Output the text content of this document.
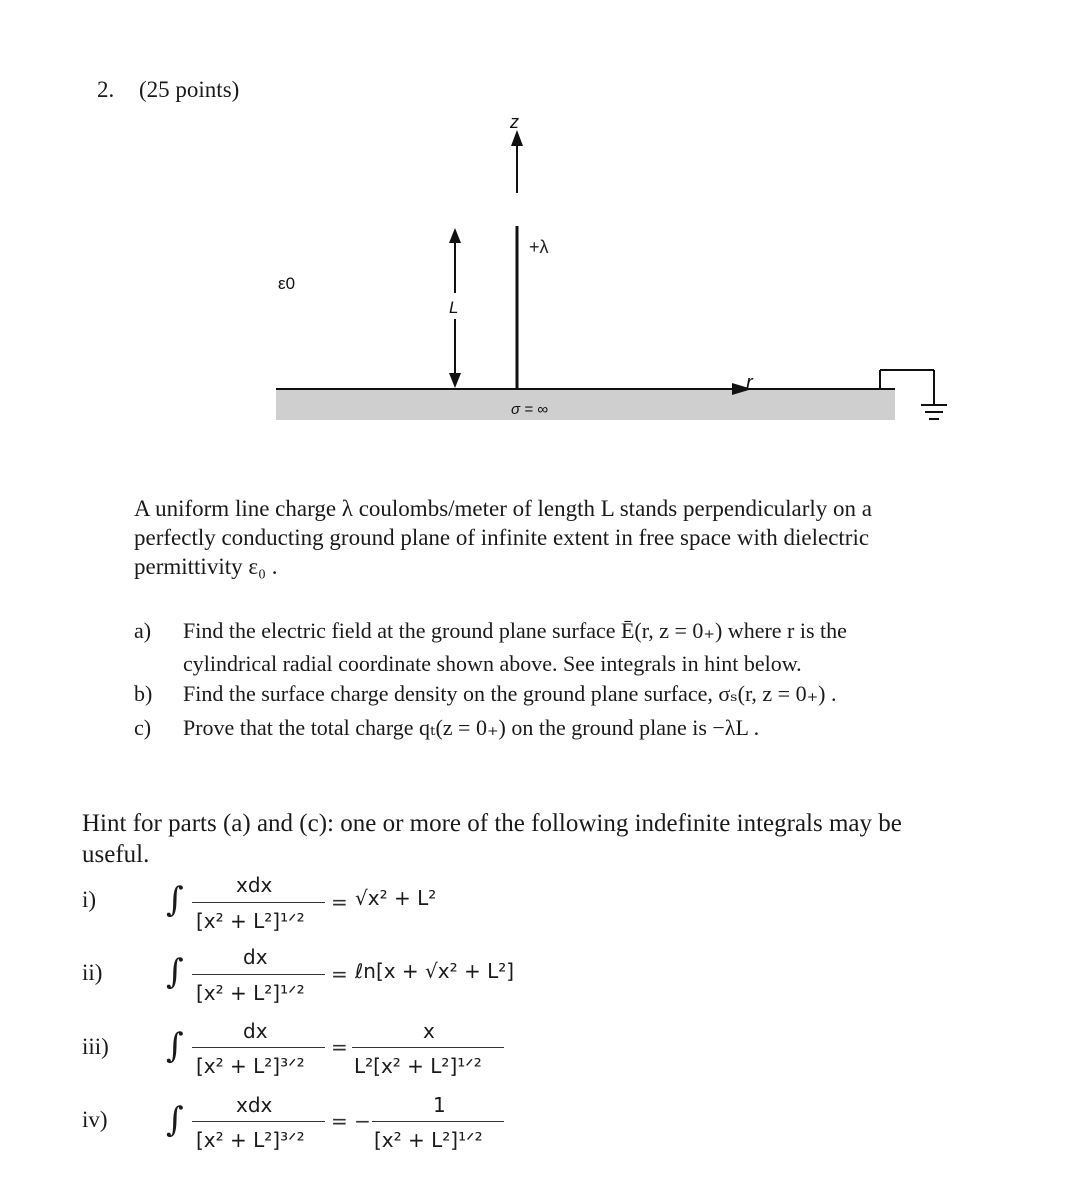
2. (25 points)
r
+λ
z
L
ε0
σ = ∞
A uniform line charge λ coulombs/meter of length L stands perpendicularly on a
perfectly conducting ground plane of infinite extent in free space with dielectric
permittivity ε₀ .
a) Find the electric field at the ground plane surface Ē(r, z = 0₊) where r is the
cylindrical radial coordinate shown above. See integrals in hint below.
b) Find the surface charge density on the ground plane surface, σₛ(r, z = 0₊) .
c) Prove that the total charge qₜ(z = 0₊) on the ground plane is −λL .
Hint for parts (a) and (c): one or more of the following indefinite integrals may be
useful.
i) ∫	xdx
[x² + L²]¹ᐟ²
= √x² + L²
ii) ∫	dx
[x² + L²]¹ᐟ²
= ℓn[x + √x² + L²]
iii) ∫	dx
[x² + L²]³ᐟ²
=
x
L²[x² + L²]¹ᐟ²
iv) ∫	xdx
[x² + L²]³ᐟ²
= −
1
[x² + L²]¹ᐟ²
